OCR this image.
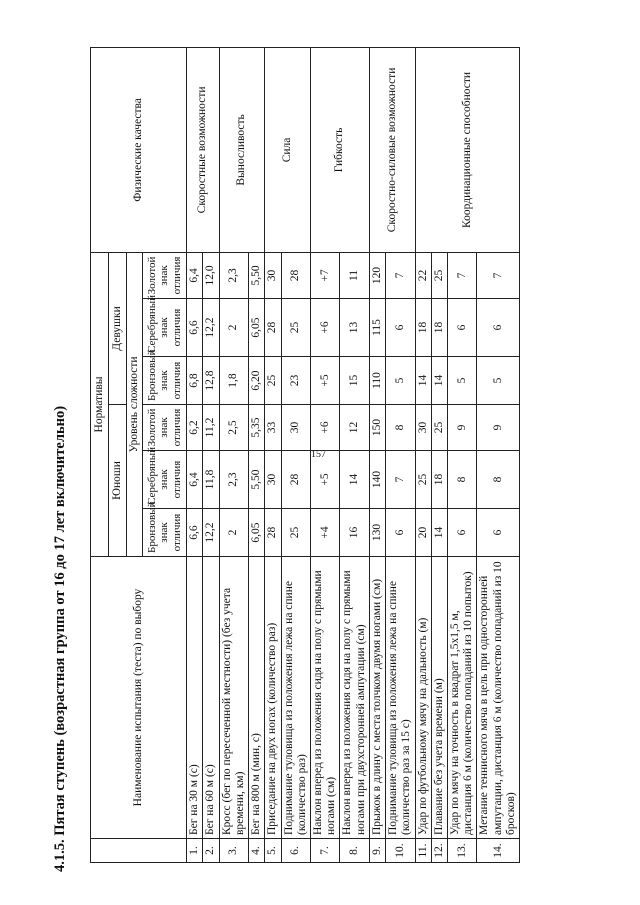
157
4.1.5. Пятая ступень (возрастная группа от 16 до 17 лет включительно)
		Наименование испытания (теста) по выбору	Нормативы						Физические качества
		Юноши			Девушки			
		Уровень сложности						
		Бронзовый знак отличия	Серебряный знак отличия	Золотой знак отличия	Бронзовый знак отличия	Серебряный знак отличия	Золотой знак отличия	
1.	Бег на 30 м (с)	6,6	6,4	6,2	6,8	6,6	6,4	Скоростные возможности
2.	Бег на 60 м (с)	12,2	11,8	11,2	12,8	12,2	12,0	
3.	Кросс (бег по пересеченной местности) (без учета времени, км)	2	2,3	2,5	1,8	2	2,3	Выносливость
4.	Бег на 800 м (мин, с)	6,05	5,50	5,35	6,20	6,05	5,50	
5.	Приседание на двух ногах (количество раз)	28	30	33	25	28	30	Сила
6.	Поднимание туловища из положения лежа на спине (количество раз)	25	28	30	23	25	28	
7.	Наклон вперед из положения сидя на полу с прямыми ногами (см)	+4	+5	+6	+5	+6	+7	Гибкость
8.	Наклон вперед из положения сидя на полу с прямыми ногами при двухсторонней ампутации (см)	16	14	12	15	13	11	
9.	Прыжок в длину с места толчком двумя ногами (см)	130	140	150	110	115	120	Скоростно-силовые возможности
10.	Поднимание туловища из положения лежа на спине (количество раз за 15 с)	6	7	8	5	6	7	
11.	Удар по футбольному мячу на дальность (м)	20	25	30	14	18	22	Координационные способности
12.	Плавание без учета времени (м)	14	18	25	14	18	25	
13.	Удар по мячу на точность в квадрат 1,5х1,5 м, дистанция 6 м (количество попаданий из 10 попыток)	6	8	9	5	6	7	
14.	Метание теннисного мяча в цель при односторонней ампутации, дистанция 6 м (количество попаданий из 10 бросков)	6	8	9	5	6	7	
